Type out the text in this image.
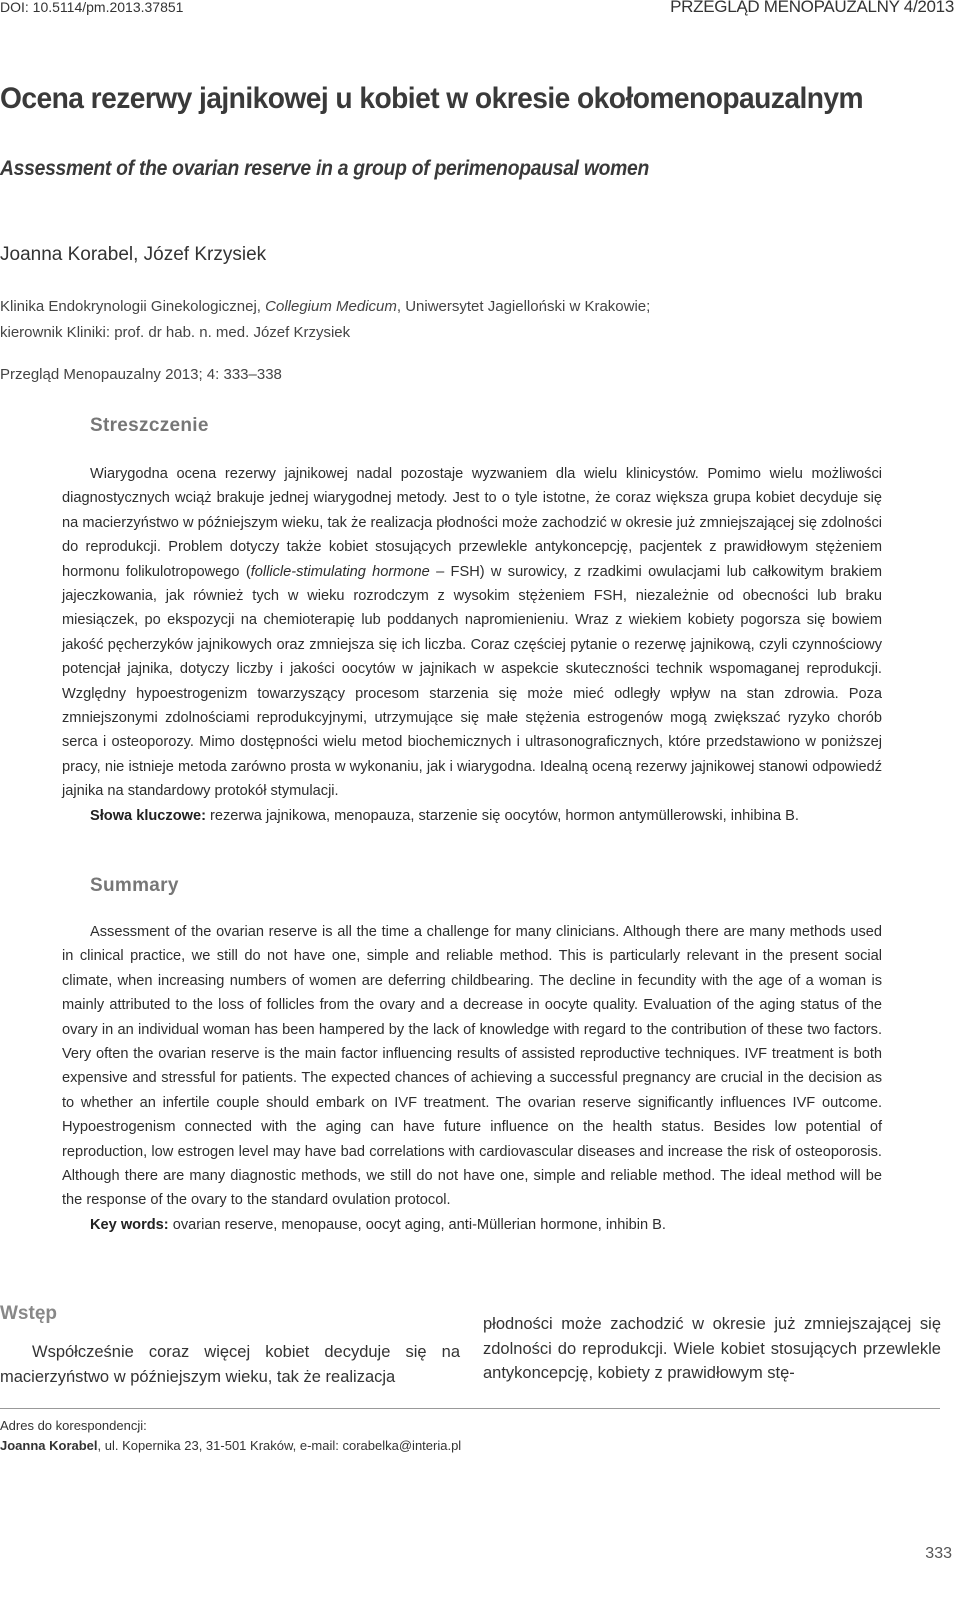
DOI: 10.5114/pm.2013.37851	PRZEGLĄD MENOPAUZALNY 4/2013
Ocena rezerwy jajnikowej u kobiet w okresie okołomenopauzalnym
Assessment of the ovarian reserve in a group of perimenopausal women
Joanna Korabel, Józef Krzysiek
Klinika Endokrynologii Ginekologicznej, Collegium Medicum, Uniwersytet Jagielloński w Krakowie;
kierownik Kliniki: prof. dr hab. n. med. Józef Krzysiek
Przegląd Menopauzalny 2013; 4: 333–338
Streszczenie

Wiarygodna ocena rezerwy jajnikowej nadal pozostaje wyzwaniem dla wielu klinicystów. Pomimo wielu możliwości diagnostycznych wciąż brakuje jednej wiarygodnej metody. Jest to o tyle istotne, że coraz większa grupa kobiet decyduje się na macierzyństwo w późniejszym wieku, tak że realizacja płodności może zachodzić w okresie już zmniejszającej się zdolności do reprodukcji. Problem dotyczy także kobiet stosujących przewlekle antykoncepcję, pacjentek z prawidłowym stężeniem hormonu folikulotropowego (follicle-stimulating hormone – FSH) w surowicy, z rzadkimi owulacjami lub całkowitym brakiem jajeczkowania, jak również tych w wieku rozrodczym z wysokim stężeniem FSH, niezależnie od obecności lub braku miesiączek, po ekspozycji na chemioterapię lub poddanych napromienieniu. Wraz z wiekiem kobiety pogorsza się bowiem jakość pęcherzyków jajnikowych oraz zmniejsza się ich liczba. Coraz częściej pytanie o rezerwę jajnikową, czyli czynnościowy potencjał jajnika, dotyczy liczby i jakości oocytów w jajnikach w aspekcie skuteczności technik wspomaganej reprodukcji. Względny hypoestrogenizm towarzyszący procesom starzenia się może mieć odległy wpływ na stan zdrowia. Poza zmniejszonymi zdolnościami reprodukcyjnymi, utrzymujące się małe stężenia estrogenów mogą zwiększać ryzyko chorób serca i osteoporozy. Mimo dostępności wielu metod biochemicznych i ultrasonograficznych, które przedstawiono w poniższej pracy, nie istnieje metoda zarówno prosta w wykonaniu, jak i wiarygodna. Idealną oceną rezerwy jajnikowej stanowi odpowiedź jajnika na standardowy protokół stymulacji.

Słowa kluczowe: rezerwa jajnikowa, menopauza, starzenie się oocytów, hormon antymüllerowski, inhibina B.

Summary

Assessment of the ovarian reserve is all the time a challenge for many clinicians. Although there are many methods used in clinical practice, we still do not have one, simple and reliable method. This is particularly relevant in the present social climate, when increasing numbers of women are deferring childbearing. The decline in fecundity with the age of a woman is mainly attributed to the loss of follicles from the ovary and a decrease in oocyte quality. Evaluation of the aging status of the ovary in an individual woman has been hampered by the lack of knowledge with regard to the contribution of these two factors. Very often the ovarian reserve is the main factor influencing results of assisted reproductive techniques. IVF treatment is both expensive and stressful for patients. The expected chances of achieving a successful pregnancy are crucial in the decision as to whether an infertile couple should embark on IVF treatment. The ovarian reserve significantly influences IVF outcome. Hypoestrogenism connected with the aging can have future influence on the health status. Besides low potential of reproduction, low estrogen level may have bad correlations with cardiovascular diseases and increase the risk of osteoporosis. Although there are many diagnostic methods, we still do not have one, simple and reliable method. The ideal method will be the response of the ovary to the standard ovulation protocol.

Key words: ovarian reserve, menopause, oocyt aging, anti-Müllerian hormone, inhibin B.

Wstęp

Współcześnie coraz więcej kobiet decyduje się na macierzyństwo w późniejszym wieku, tak że realizacja

płodności może zachodzić w okresie już zmniejszającej się zdolności do reprodukcji. Wiele kobiet stosujących przewlekle antykoncepcję, kobiety z prawidłowym stę-

Adres do korespondencji:
Joanna Korabel, ul. Kopernika 23, 31-501 Kraków, e-mail: corabelka@interia.pl
333
